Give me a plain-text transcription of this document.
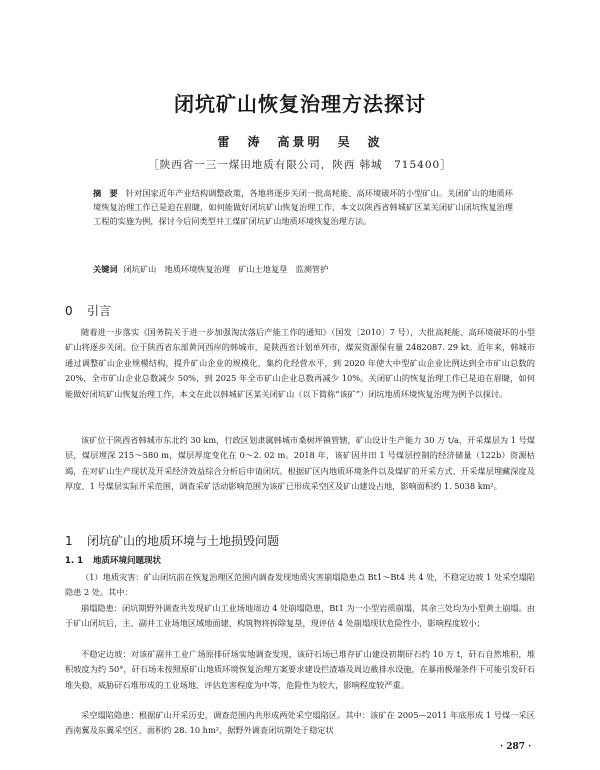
闭坑矿山恢复治理方法探讨
雷　涛　高景明　吴　波
［陕西省一三一煤田地质有限公司，陕西 韩城　715400］
摘　要 针对国家近年产业结构调整政策，各地将逐步关闭一批高耗能、高环境破坏的小型矿山。关闭矿山的地质环境恢复治理工作已是迫在眉睫，如何能做好闭坑矿山恢复治理工作，本文以陕西省韩城矿区某关闭矿山闭坑恢复治理工程的实施为例，探讨今后同类型井工煤矿闭坑矿山地质环境恢复治理方法。
关键词 闭坑矿山　地质环境恢复治理　矿山土地复垦　监测管护
0 引言
随着进一步落实《国务院关于进一步加强淘汰落后产能工作的通知》（国发〔2010〕7 号），大批高耗能、高环境破坏的小型矿山将逐步关闭。位于陕西省东部黄河西岸的韩城市，是陕西省计划单列市，煤炭资源保有量 2482087. 29 kt。近年来，韩城市通过调整矿山企业规模结构，提升矿山企业的规模化、集约化经营水平，到 2020 年使大中型矿山企业比例达到全市矿山总数的 20%，全市矿山企业总数减少 50%，到 2025 年全市矿山企业总数再减少 10%。关闭矿山的恢复治理工作已是迫在眉睫，如何能做好闭坑矿山恢复治理工作，本文在此以韩城矿区某关闭矿山（以下简称“该矿”）闭坑地质环境恢复治理为例予以探讨。
该矿位于陕西省韩城市东北约 30 km，行政区划隶属韩城市桑树坪镇管辖，矿山设计生产能力 30 万 t/a，开采煤层为 1 号煤层，煤层埋深 215～580 m，煤层厚度变化在 0～2. 02 m。2018 年，该矿因井田 1 号煤层控制的经济储量（122b）资源枯竭，在对矿山生产现状及开采经济效益综合分析后申请闭坑。根据矿区内地质环境条件以及煤矿的开采方式、开采煤层埋藏深度及厚度、1 号煤层实际开采范围，调查采矿活动影响范围为该矿已形成采空区及矿山建设占地，影响面积约 1. 5038 km²。
1 闭坑矿山的地质环境与土地损毁问题
1. 1 地质环境问题现状
（1）地质灾害：矿山闭坑前在恢复治理区范围内调查发现地质灾害崩塌隐患点 Bt1～Bt4 共 4 处，不稳定边坡 1 处采空塌陷隐患 2 处。其中：
崩塌隐患：闭坑期野外调查共发现矿山工业场地周边 4 处崩塌隐患，Bt1 为一小型岩质崩塌，其余三处均为小型黄土崩塌。由于矿山闭坑后，主、副井工业场地区域地面建、构筑物将拆除复垦，现评估 4 处崩塌现状危险性小，影响程度较小；
不稳定边坡：对该矿副井工业广场原排矸场实地调查发现，该矸石场已堆存矿山建设初期矸石约 10 万 t，矸石自然堆积，堆积坡度为约 50°，矸石场未按照原矿山地质环境恢复治理方案要求建设拦渣墙及周边截排水设施，在暴雨极端条件下可能引发矸石堆失稳，威胁矸石堆形成的工业场地、评估危害程度为中等，危险性为较大，影响程度较严重。
采空塌陷隐患：根据矿山开采历史，调查范围内共形成两处采空塌陷区。其中：该矿在 2005—2011 年底形成 1 号煤一采区西南翼及东翼采空区，面积约 28. 10 hm²，据野外调查闭坑期处于稳定状
· 287 ·
